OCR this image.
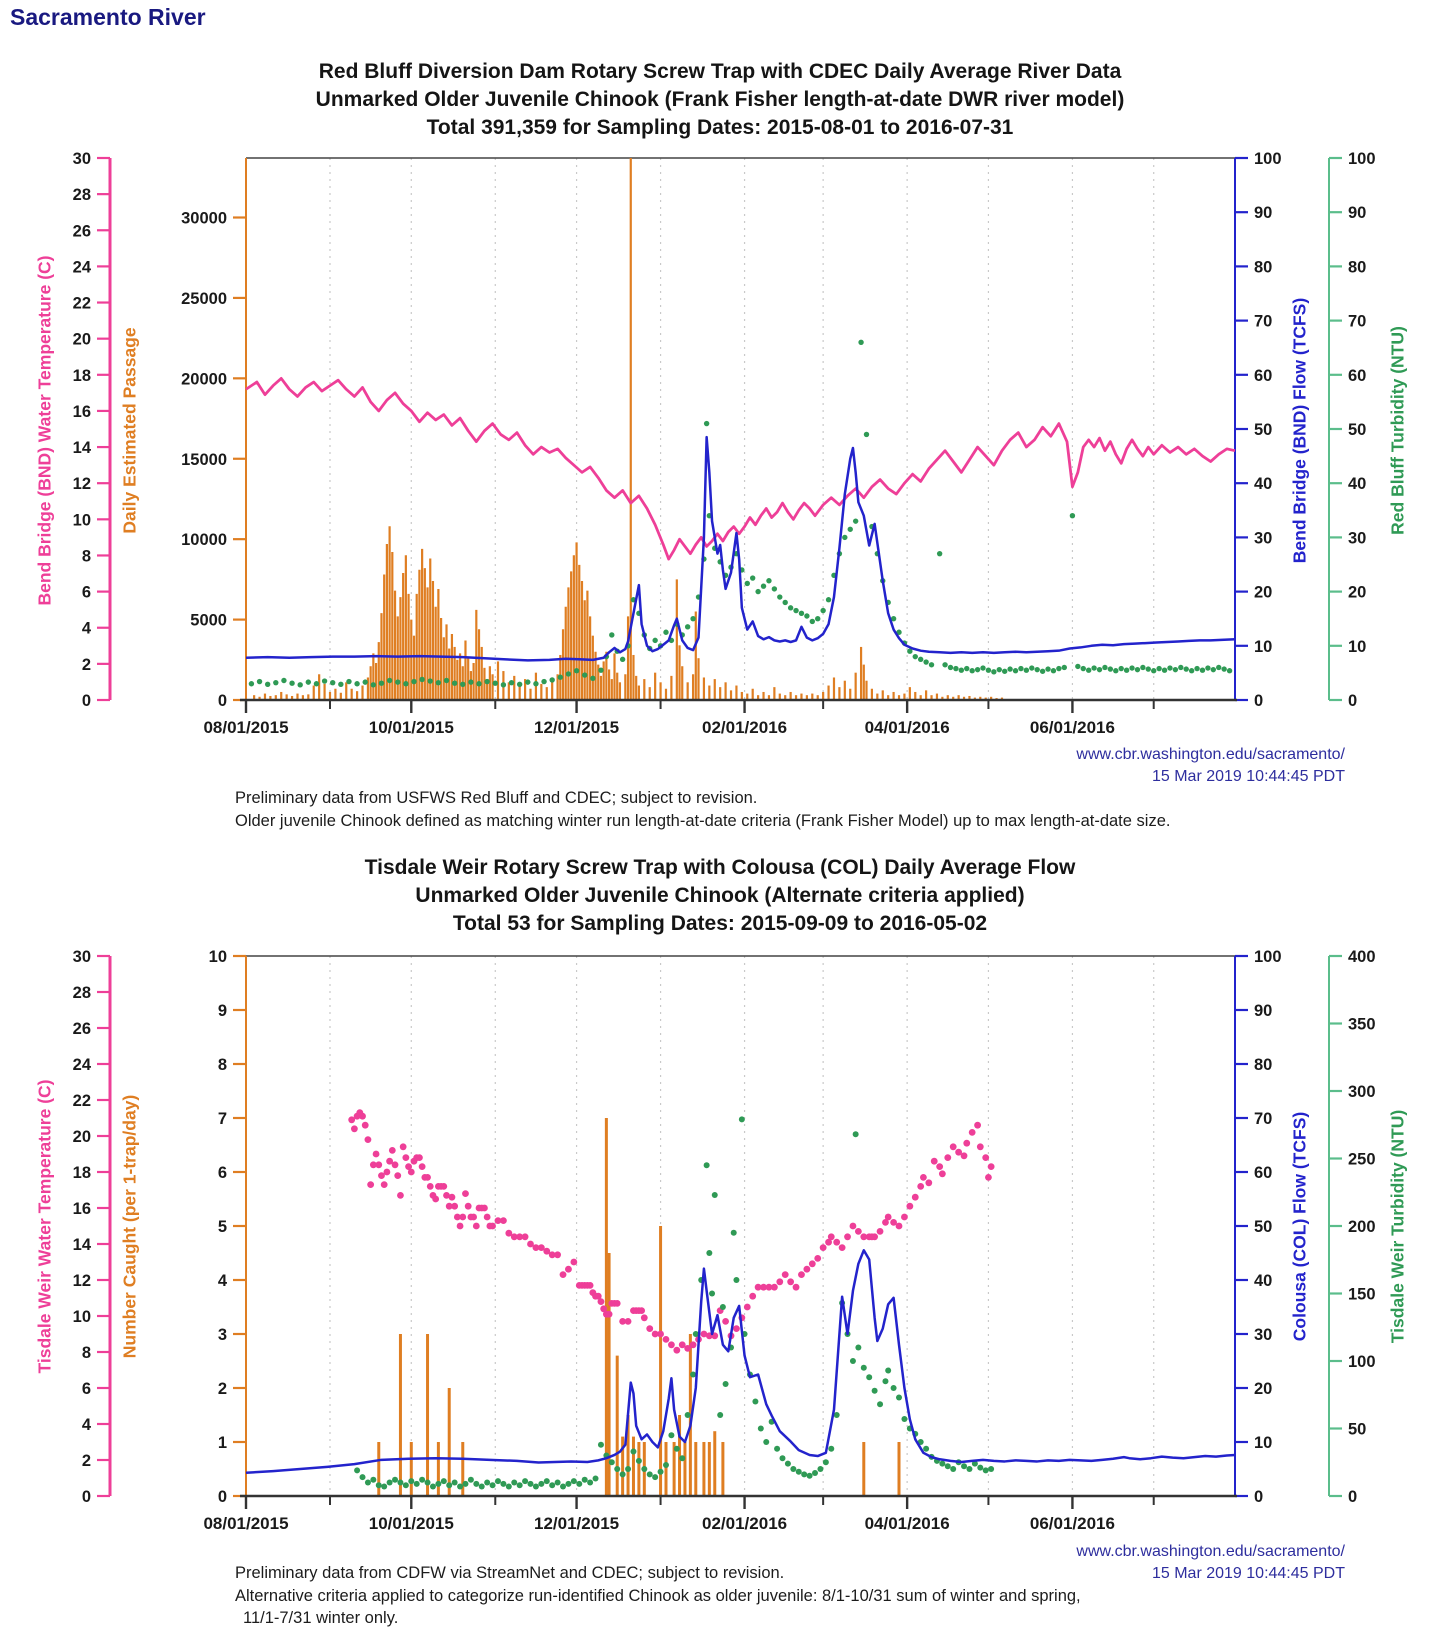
0
2
4
6
8
10
12
14
16
18
20
22
24
26
28
30
0
5000
10000
15000
20000
25000
30000
0
10
20
30
40
50
60
70
80
90
100
0
10
20
30
40
50
60
70
80
90
100
08/01/2015	10/01/2015	12/01/2015	02/01/2016	04/01/2016	06/01/2016
0
2
4
6
8
10
12
14
16
18
20
22
24
26
28
30
0
1
2
3
4
5
6
7
8
9
10
0
10
20
30
40
50
60
70
80
90
100
0
50
100
150
200
250
300
350
400
08/01/2015	10/01/2015	12/01/2015	02/01/2016	04/01/2016	06/01/2016
Sacramento River
Red Bluff Diversion Dam Rotary Screw Trap with CDEC Daily Average River Data
Unmarked Older Juvenile Chinook (Frank Fisher length-at-date DWR river model)
Total 391,359 for Sampling Dates: 2015-08-01 to 2016-07-31
Bend Bridge (BND) Water Temperature (C)	Daily Estimated Passage	Bend Bridge (BND) Flow (TCFS)	Red Bluff Turbidity (NTU)
www.cbr.washington.edu/sacramento/
15 Mar 2019 10:44:45 PDT
Preliminary data from USFWS Red Bluff and CDEC; subject to revision.
Older juvenile Chinook defined as matching winter run length-at-date criteria (Frank Fisher Model) up to max length-at-date size.
Tisdale Weir Rotary Screw Trap with Colousa (COL) Daily Average Flow
Unmarked Older Juvenile Chinook (Alternate criteria applied)
Total 53 for Sampling Dates: 2015-09-09 to 2016-05-02
Tisdale Weir Water Temperature (C)	Number Caught (per 1-trap/day)	Colousa (COL) Flow (TCFS)	Tisdale Weir Turbidity (NTU)
www.cbr.washington.edu/sacramento/
15 Mar 2019 10:44:45 PDT
Preliminary data from CDFW via StreamNet and CDEC; subject to revision.
Alternative criteria applied to categorize run-identified Chinook as older juvenile: 8/1-10/31 sum of winter and spring,
11/1-7/31 winter only.
